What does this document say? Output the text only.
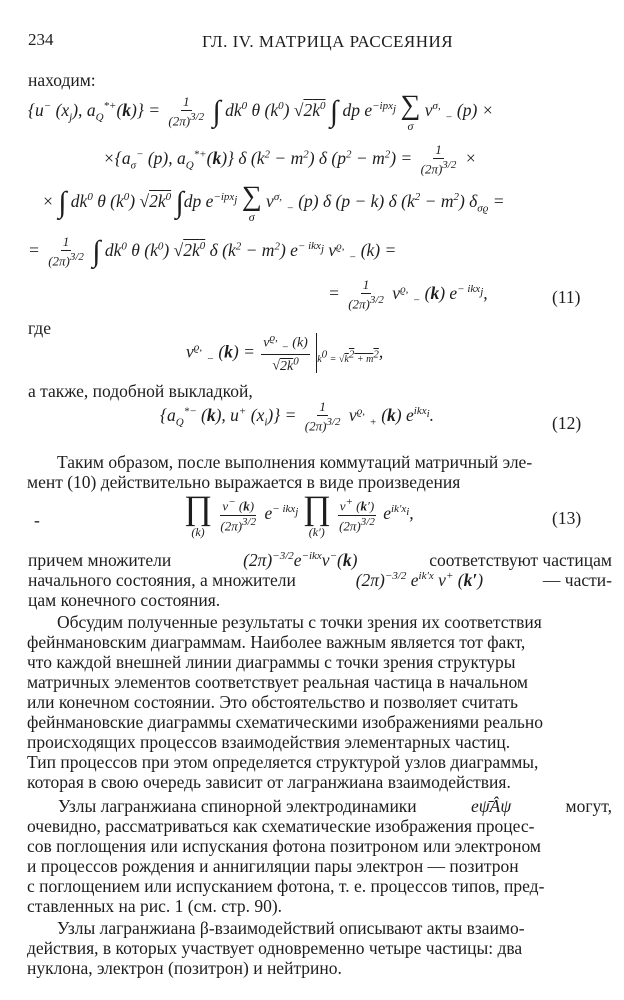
234	ГЛ. IV. МАТРИЦА РАССЕЯНИЯ
находим:
{u− $(x_j)$, $a_Q^{*+}(k)\} = \frac{1}{(2\pi)^{3/2}}$ ∫ $dk^0$ θ $(k^0)$ $√2k^0$ ∫ dp $e^{-ipx_j}$ ∑
σ
$v^{\sigma,}$ $_-$ (p) ×
$\times\{a_\sigma^-$ (p), $a_Q^{*+}(k)$} δ $(k^2 - m^2)$ δ $(p^2 - m^2) = \frac{1}{(2\pi)^{3/2}}$ ×
× ∫ $dk^0$ θ $(k^0)$ $√2k^0$ ∫dp $e^{-ipx_j}$ ∑
σ
$v^{\sigma,}$ $_-$ (p) δ (p − k) δ $(k^2 - m^2) \delta_{\sigma ϱ}$ =
= $\frac{1}{(2\pi)^{3/2}}$ ∫ $dk^0$ θ $(k^0)$ $√2k^0$ δ $(k^2 - m^2)$ $e^{- ikx_j}$ $v^{ϱ,}$ $_-$ (k) =
= $\frac{1}{(2\pi)^{3/2}} v^{ϱ,}$ $_-$ (k) $e^{- ikx_j}$,	(11)
где
$v^{ϱ,}$ $_-$ $(k) = \frac{v^{ϱ,} _- (k)}{√2k^0} _{k^0 = √k^2 + m^2}$,
а также, подобной выкладкой,
{$a_Q^{*-}$ (k), u+ $(x_i)\} = \frac{1}{(2\pi)^{3/2}} v^{ϱ,}$ $_+$ (k) $e^{ikx_i}$.	(12)
Таким образом, после выполнения коммутаций матричный эле-
мент (10) действительно выражается в виде произведения
-	∏
(k)
$\frac{v^- (k)}{(2\pi)^{3/2}} e^{- ikx_j}$ ∏
(k′)
$\frac{v^+ (k')}{(2\pi)^{3/2}} e^{ik'x_i}$,	(13)
причем множители	$(2\pi)^{-3/2}e^{-ikx}v^-(k)$	соответствуют частицам
начального состояния, а множители	$(2\pi)^{-3/2}$ $e^{ik'x}$ v+ (k′)	— части-
цам конечного состояния.
Обсудим полученные результаты с точки зрения их соответствия
фейнмановским диаграммам. Наиболее важным является тот факт,
что каждой внешней линии диаграммы с точки зрения структуры
матричных элементов соответствует реальная частица в начальном
или конечном состоянии. Это обстоятельство и позволяет считать
фейнмановские диаграммы схематическими изображениями реально
происходящих процессов взаимодействия элементарных частиц.
Тип процессов при этом определяется структурой узлов диаграммы,
которая в свою очередь зависит от лагранжиана взаимодействия.
Узлы лагранжиана спинорной электродинамики	eψ̄Âψ	могут,
очевидно, рассматриваться как схематические изображения процес-
сов поглощения или испускания фотона позитроном или электроном
и процессов рождения и аннигиляции пары электрон — позитрон
с поглощением или испусканием фотона, т. е. процессов типов, пред-
ставленных на рис. 1 (см. стр. 90).
Узлы лагранжиана β-взаимодействий описывают акты взаимо-
действия, в которых участвует одновременно четыре частицы: два
нуклона, электрон (позитрон) и нейтрино.
